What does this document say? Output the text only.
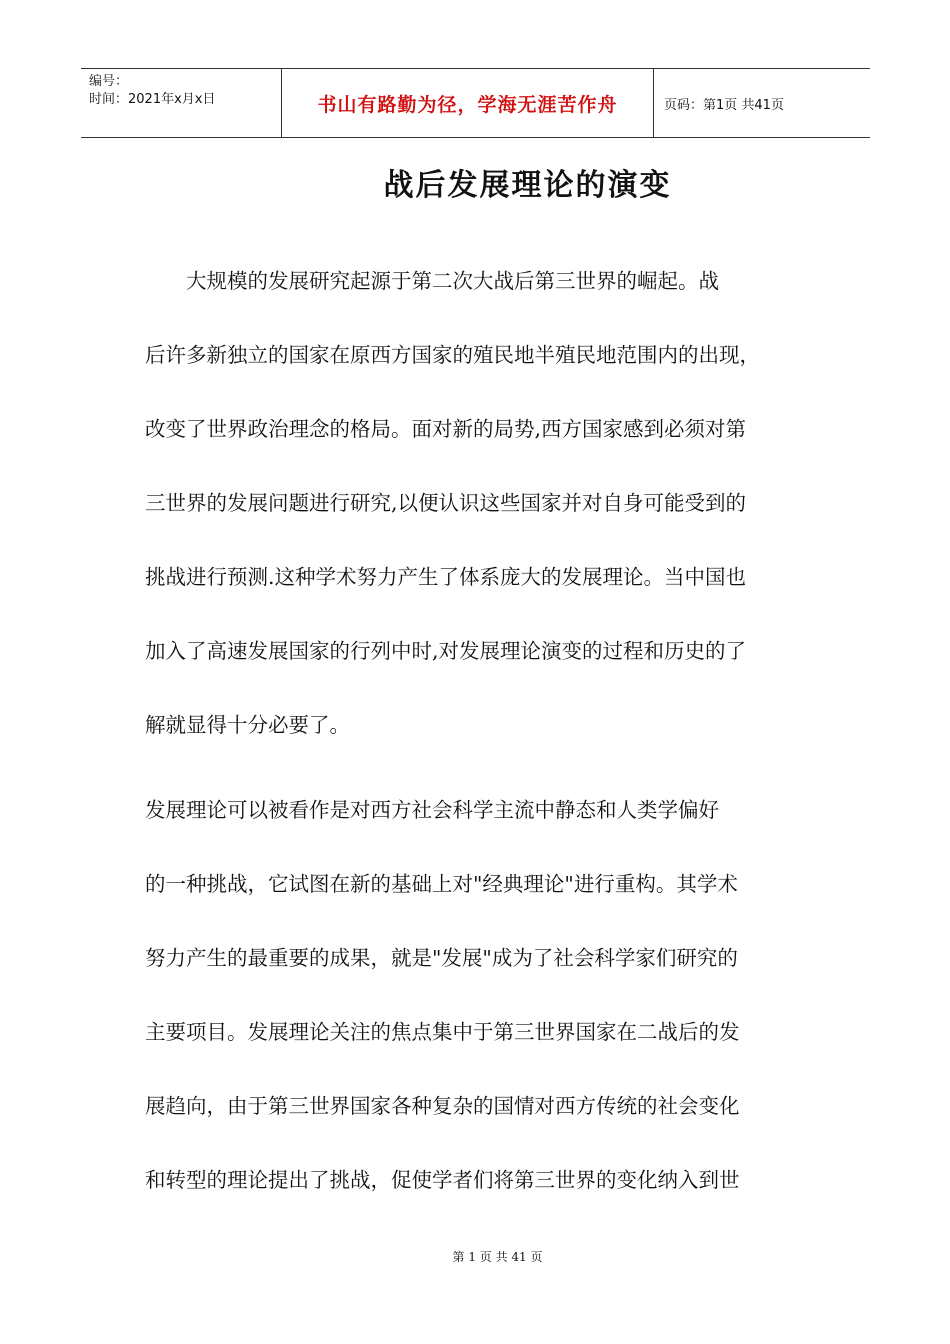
编号：
时间：2021年x月x日	书山有路勤为径，学海无涯苦作舟	页码：第1页 共41页
战后发展理论的演变
　　大规模的发展研究起源于第二次大战后第三世界的崛起。战
后许多新独立的国家在原西方国家的殖民地半殖民地范围内的出现，
改变了世界政治理念的格局。面对新的局势,西方国家感到必须对第
三世界的发展问题进行研究,以便认识这些国家并对自身可能受到的
挑战进行预测.这种学术努力产生了体系庞大的发展理论。当中国也
加入了高速发展国家的行列中时,对发展理论演变的过程和历史的了
解就显得十分必要了。
发展理论可以被看作是对西方社会科学主流中静态和人类学偏好
的一种挑战，它试图在新的基础上对"经典理论"进行重构。其学术
努力产生的最重要的成果，就是"发展"成为了社会科学家们研究的
主要项目。发展理论关注的焦点集中于第三世界国家在二战后的发
展趋向，由于第三世界国家各种复杂的国情对西方传统的社会变化
和转型的理论提出了挑战，促使学者们将第三世界的变化纳入到世
第 1 页 共 41 页
